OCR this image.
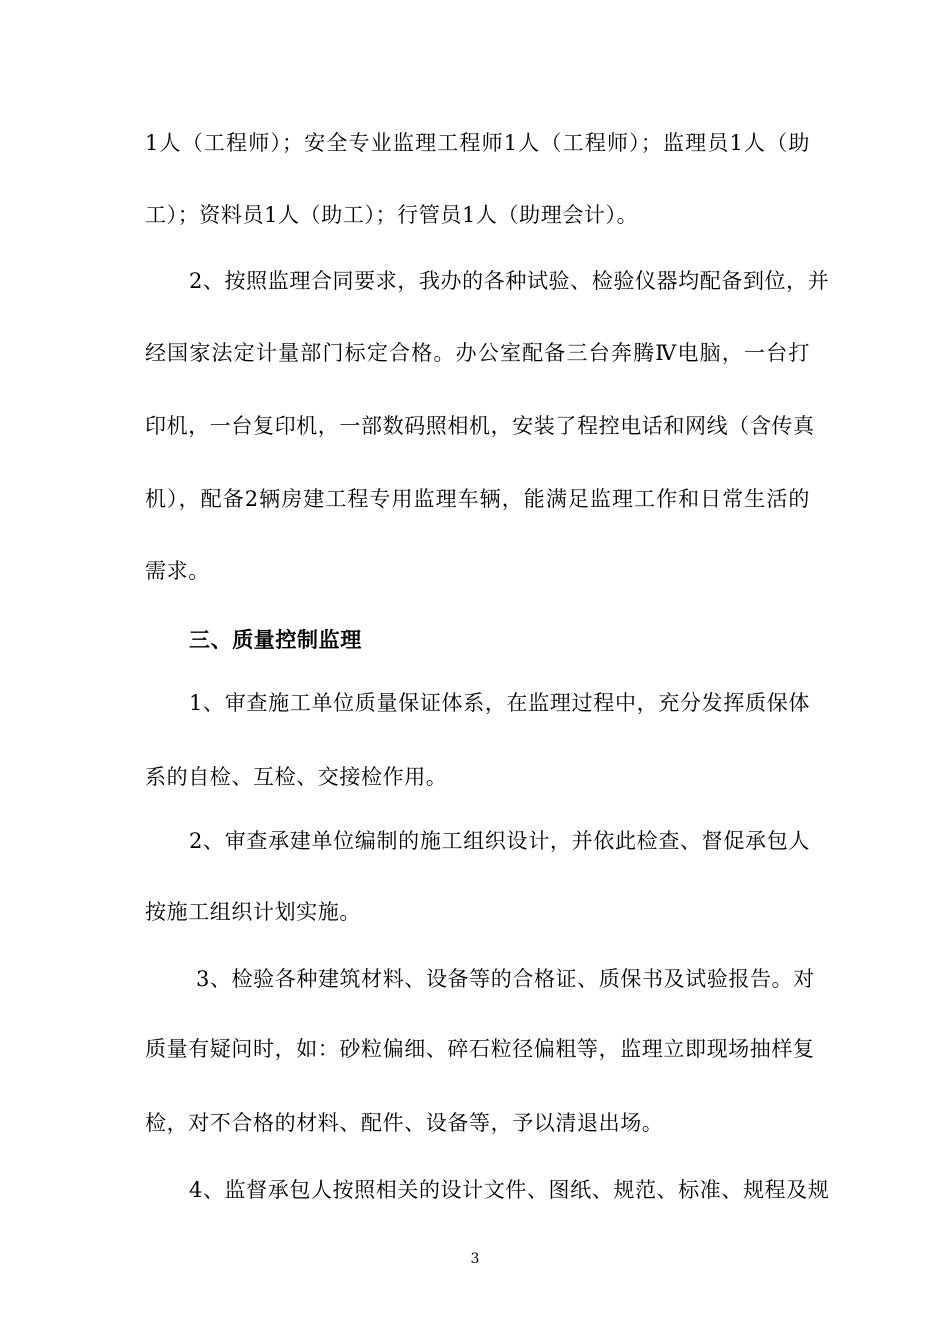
1人（工程师）；安全专业监理工程师1人（工程师）；监理员1人（助
工）；资料员1人（助工）；行管员1人（助理会计）。
2、按照监理合同要求，我办的各种试验、检验仪器均配备到位，并
经国家法定计量部门标定合格。办公室配备三台奔腾Ⅳ电脑，一台打
印机，一台复印机，一部数码照相机，安装了程控电话和网线（含传真
机），配备2辆房建工程专用监理车辆，能满足监理工作和日常生活的
需求。
三、质量控制监理
1、审查施工单位质量保证体系，在监理过程中，充分发挥质保体
系的自检、互检、交接检作用。
2、审查承建单位编制的施工组织设计，并依此检查、督促承包人
按施工组织计划实施。
3、检验各种建筑材料、设备等的合格证、质保书及试验报告。对
质量有疑问时，如：砂粒偏细、碎石粒径偏粗等，监理立即现场抽样复
检，对不合格的材料、配件、设备等，予以清退出场。
4、监督承包人按照相关的设计文件、图纸、规范、标准、规程及规
3
